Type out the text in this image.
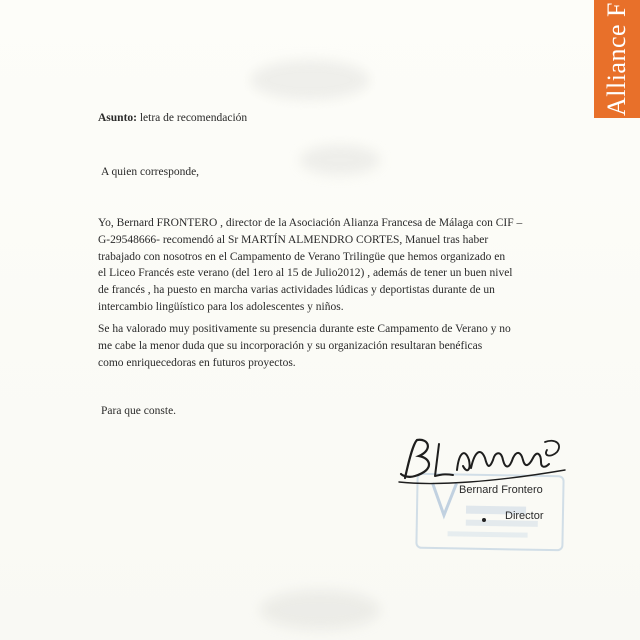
Alliance F
Asunto: letra de recomendación
A quien corresponde,
Yo, Bernard FRONTERO , director de la Asociación Alianza Francesa de Málaga con CIF –
G-29548666- recomendó al Sr MARTÍN ALMENDRO CORTES, Manuel tras haber
trabajado con nosotros en el Campamento de Verano Trilingüe que hemos organizado en
el Liceo Francés este verano (del 1ero al 15 de Julio2012) , además de tener un buen nivel
de francés , ha puesto en marcha varias actividades lúdicas y deportistas durante de un
intercambio lingüístico para los adolescentes y niños.
Se ha valorado muy positivamente su presencia durante este Campamento de Verano y no
me cabe la menor duda que su incorporación y su organización resultaran benéficas
como enriquecedoras en futuros proyectos.
Para que conste.
Bernard Frontero
Director
